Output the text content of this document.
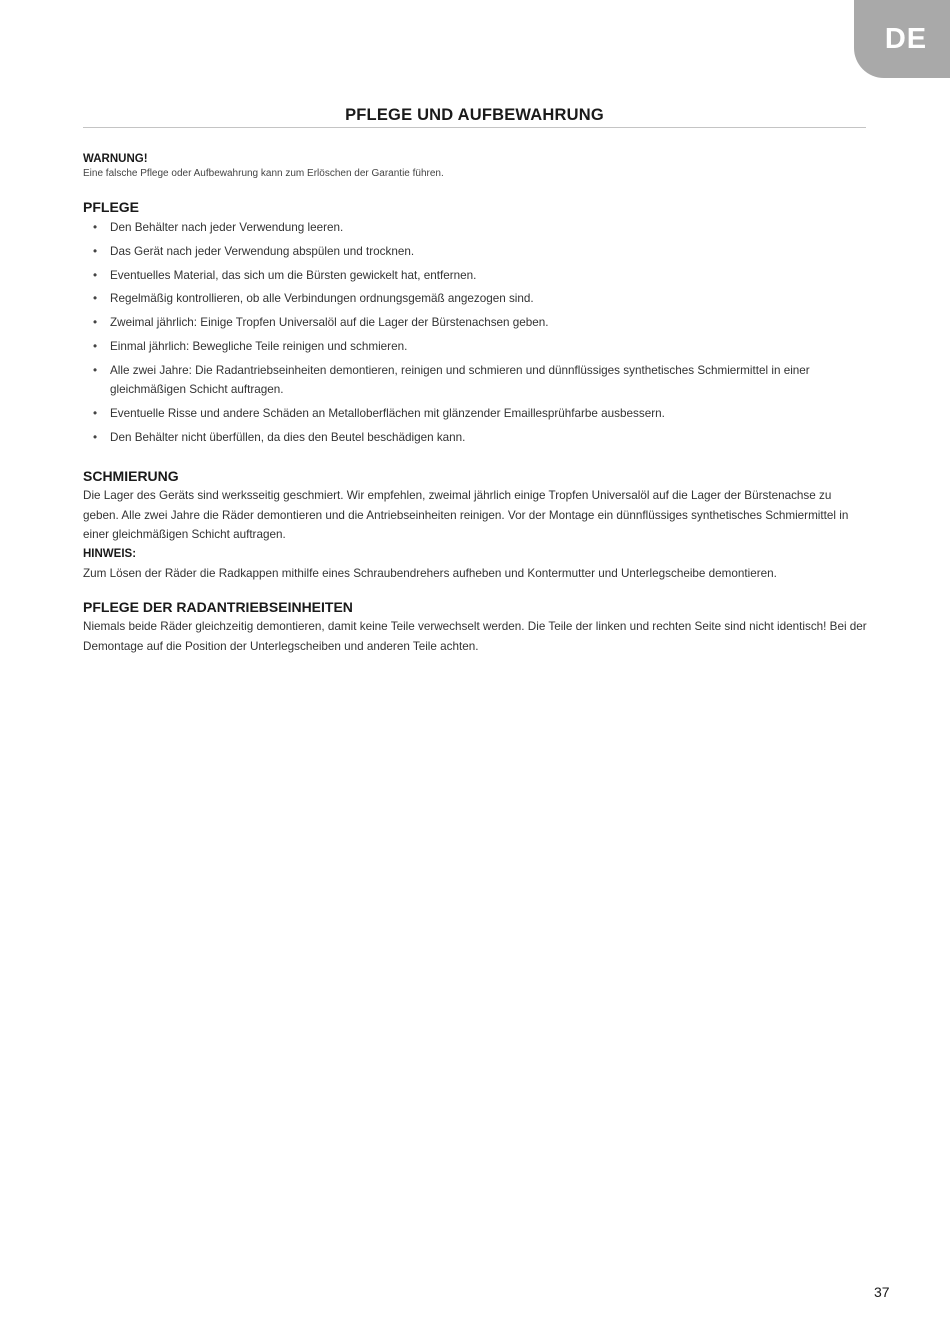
DE
PFLEGE UND AUFBEWAHRUNG
WARNUNG!
Eine falsche Pflege oder Aufbewahrung kann zum Erlöschen der Garantie führen.
PFLEGE
• Den Behälter nach jeder Verwendung leeren.
• Das Gerät nach jeder Verwendung abspülen und trocknen.
• Eventuelles Material, das sich um die Bürsten gewickelt hat, entfernen.
• Regelmäßig kontrollieren, ob alle Verbindungen ordnungsgemäß angezogen sind.
• Zweimal jährlich: Einige Tropfen Universalöl auf die Lager der Bürstenachsen geben.
• Einmal jährlich: Bewegliche Teile reinigen und schmieren.
• Alle zwei Jahre: Die Radantriebseinheiten demontieren, reinigen und schmieren und dünnflüssiges synthetisches Schmiermittel in einer gleichmäßigen Schicht auftragen.
• Eventuelle Risse und andere Schäden an Metalloberflächen mit glänzender Emaillesprühfarbe ausbessern.
• Den Behälter nicht überfüllen, da dies den Beutel beschädigen kann.
SCHMIERUNG

Die Lager des Geräts sind werksseitig geschmiert. Wir empfehlen, zweimal jährlich einige Tropfen Universalöl auf die Lager der Bürstenachse zu geben. Alle zwei Jahre die Räder demontieren und die Antriebseinheiten reinigen. Vor der Montage ein dünnflüssiges synthetisches Schmiermittel in einer gleichmäßigen Schicht auftragen.

HINWEIS:

Zum Lösen der Räder die Radkappen mithilfe eines Schraubendrehers aufheben und Kontermutter und Unterlegscheibe demontieren.

PFLEGE DER RADANTRIEBSEINHEITEN

Niemals beide Räder gleichzeitig demontieren, damit keine Teile verwechselt werden. Die Teile der linken und rechten Seite sind nicht identisch! Bei der Demontage auf die Position der Unterlegscheiben und anderen Teile achten.

37
